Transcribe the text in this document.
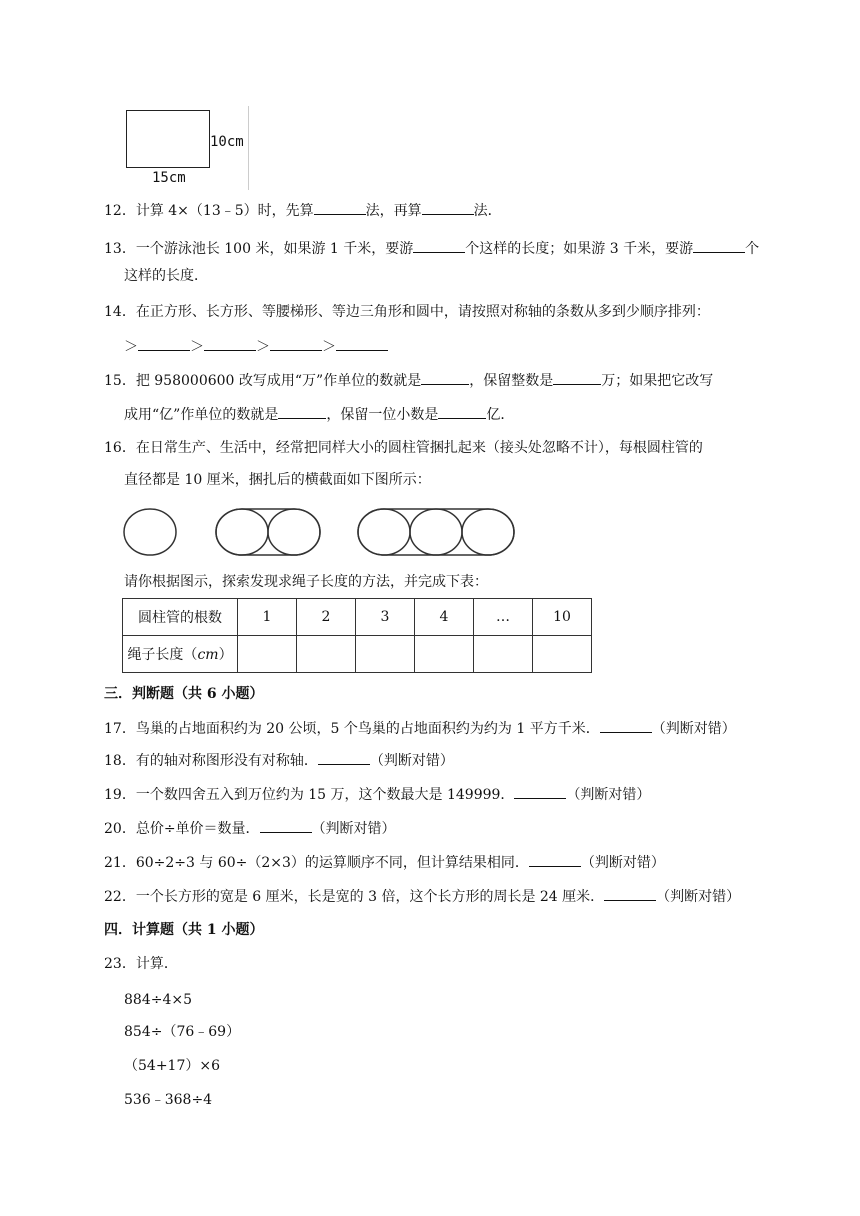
10cm
15cm
12．计算 4×（13﹣5）时，先算	法，再算	法．
13．一个游泳池长 100 米，如果游 1 千米，要游	个这样的长度；如果游 3 千米，要游	个
这样的长度．
14．在正方形、长方形、等腰梯形、等边三角形和圆中，请按照对称轴的条数从多到少顺序排列：
＞	＞	＞	＞
15．把 958000600 改写成用“万”作单位的数就是	，保留整数是	万；如果把它改写
成用“亿”作单位的数就是	，保留一位小数是	亿．
16．在日常生产、生活中，经常把同样大小的圆柱管捆扎起来（接头处忽略不计），每根圆柱管的
直径都是 10 厘米，捆扎后的横截面如下图所示：
请你根据图示，探索发现求绳子长度的方法，并完成下表：
圆柱管的根数	1	2	3	4	…	10
绳子长度（cm）						
三．判断题（共 6 小题）
17．鸟巢的占地面积约为 20 公顷，5 个鸟巢的占地面积约为约为 1 平方千米．	（判断对错）
18．有的轴对称图形没有对称轴．	（判断对错）
19．一个数四舍五入到万位约为 15 万，这个数最大是 149999．	（判断对错）
20．总价÷单价＝数量．	（判断对错）
21．60÷2÷3 与 60÷（2×3）的运算顺序不同，但计算结果相同．	（判断对错）
22．一个长方形的宽是 6 厘米，长是宽的 3 倍，这个长方形的周长是 24 厘米．	（判断对错）
四．计算题（共 1 小题）
23．计算．
884÷4×5
854÷（76﹣69）
（54+17）×6
536﹣368÷4
